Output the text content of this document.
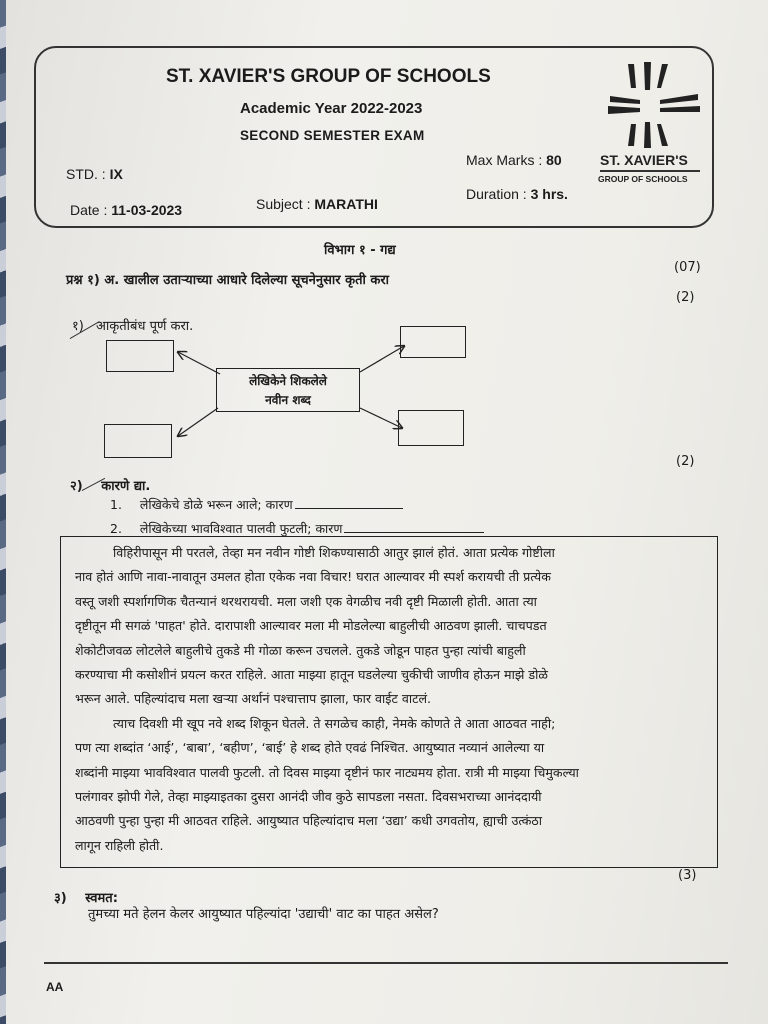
ST. XAVIER'S GROUP OF SCHOOLS
Academic Year 2022-2023
SECOND SEMESTER EXAM
STD. : IX
Date : 11-03-2023	Subject : MARATHI
Max Marks : 80
Duration : 3 hrs.
ST. XAVIER'S
GROUP OF SCHOOLS
विभाग १ - गद्य
(07)
प्रश्न १) अ. खालील उताऱ्याच्या आधारे दिलेल्या सूचनेनुसार कृती करा
(2)
१) आकृतीबंध पूर्ण करा.
लेखिकेने शिकलेले
नवीन शब्द
(2)
२) कारणे द्या.
1. लेखिकेचे डोळे भरून आले; कारण
2. लेखिकेच्या भावविश्वात पालवी फुटली; कारण

विहिरीपासून मी परतले, तेव्हा मन नवीन गोष्टी शिकण्यासाठी आतुर झालं होतं. आता प्रत्येक गोष्टीला

नाव होतं आणि नावा-नावातून उमलत होता एकेक नवा विचार! घरात आल्यावर मी स्पर्श करायची ती प्रत्येक

वस्तू जशी स्पर्शागणिक चैतन्यानं थरथरायची. मला जशी एक वेगळीच नवी दृष्टी मिळाली होती. आता त्या

दृष्टीतून मी सगळं 'पाहत' होते. दारापाशी आल्यावर मला मी मोडलेल्या बाहुलीची आठवण झाली. चाचपडत

शेकोटीजवळ लोटलेले बाहुलीचे तुकडे मी गोळा करून उचलले. तुकडे जोडून पाहत पुन्हा त्यांची बाहुली

करण्याचा मी कसोशीनं प्रयत्न करत राहिले. आता माझ्या हातून घडलेल्या चुकीची जाणीव होऊन माझे डोळे

भरून आले. पहिल्यांदाच मला खऱ्या अर्थानं पश्चात्ताप झाला, फार वाईट वाटलं.

त्याच दिवशी मी खूप नवे शब्द शिकून घेतले. ते सगळेच काही, नेमके कोणते ते आता आठवत नाही;

पण त्या शब्दांत ‘आई’, ‘बाबा’, ‘बहीण’, ‘बाई’ हे शब्द होते एवढं निश्चित. आयुष्यात नव्यानं आलेल्या या

शब्दांनी माझ्या भावविश्वात पालवी फुटली. तो दिवस माझ्या दृष्टीनं फार नाट्यमय होता. रात्री मी माझ्या चिमुकल्या

पलंगावर झोपी गेले, तेव्हा माझ्याइतका दुसरा आनंदी जीव कुठे सापडला नसता. दिवसभराच्या आनंददायी

आठवणी पुन्हा पुन्हा मी आठवत राहिले. आयुष्यात पहिल्यांदाच मला ‘उद्या’ कधी उगवतोय, ह्याची उत्कंठा

लागून राहिली होती.

(3)
३) स्वमत:
तुमच्या मते हेलन केलर आयुष्यात पहिल्यांदा 'उद्याची' वाट का पाहत असेल?
AA
